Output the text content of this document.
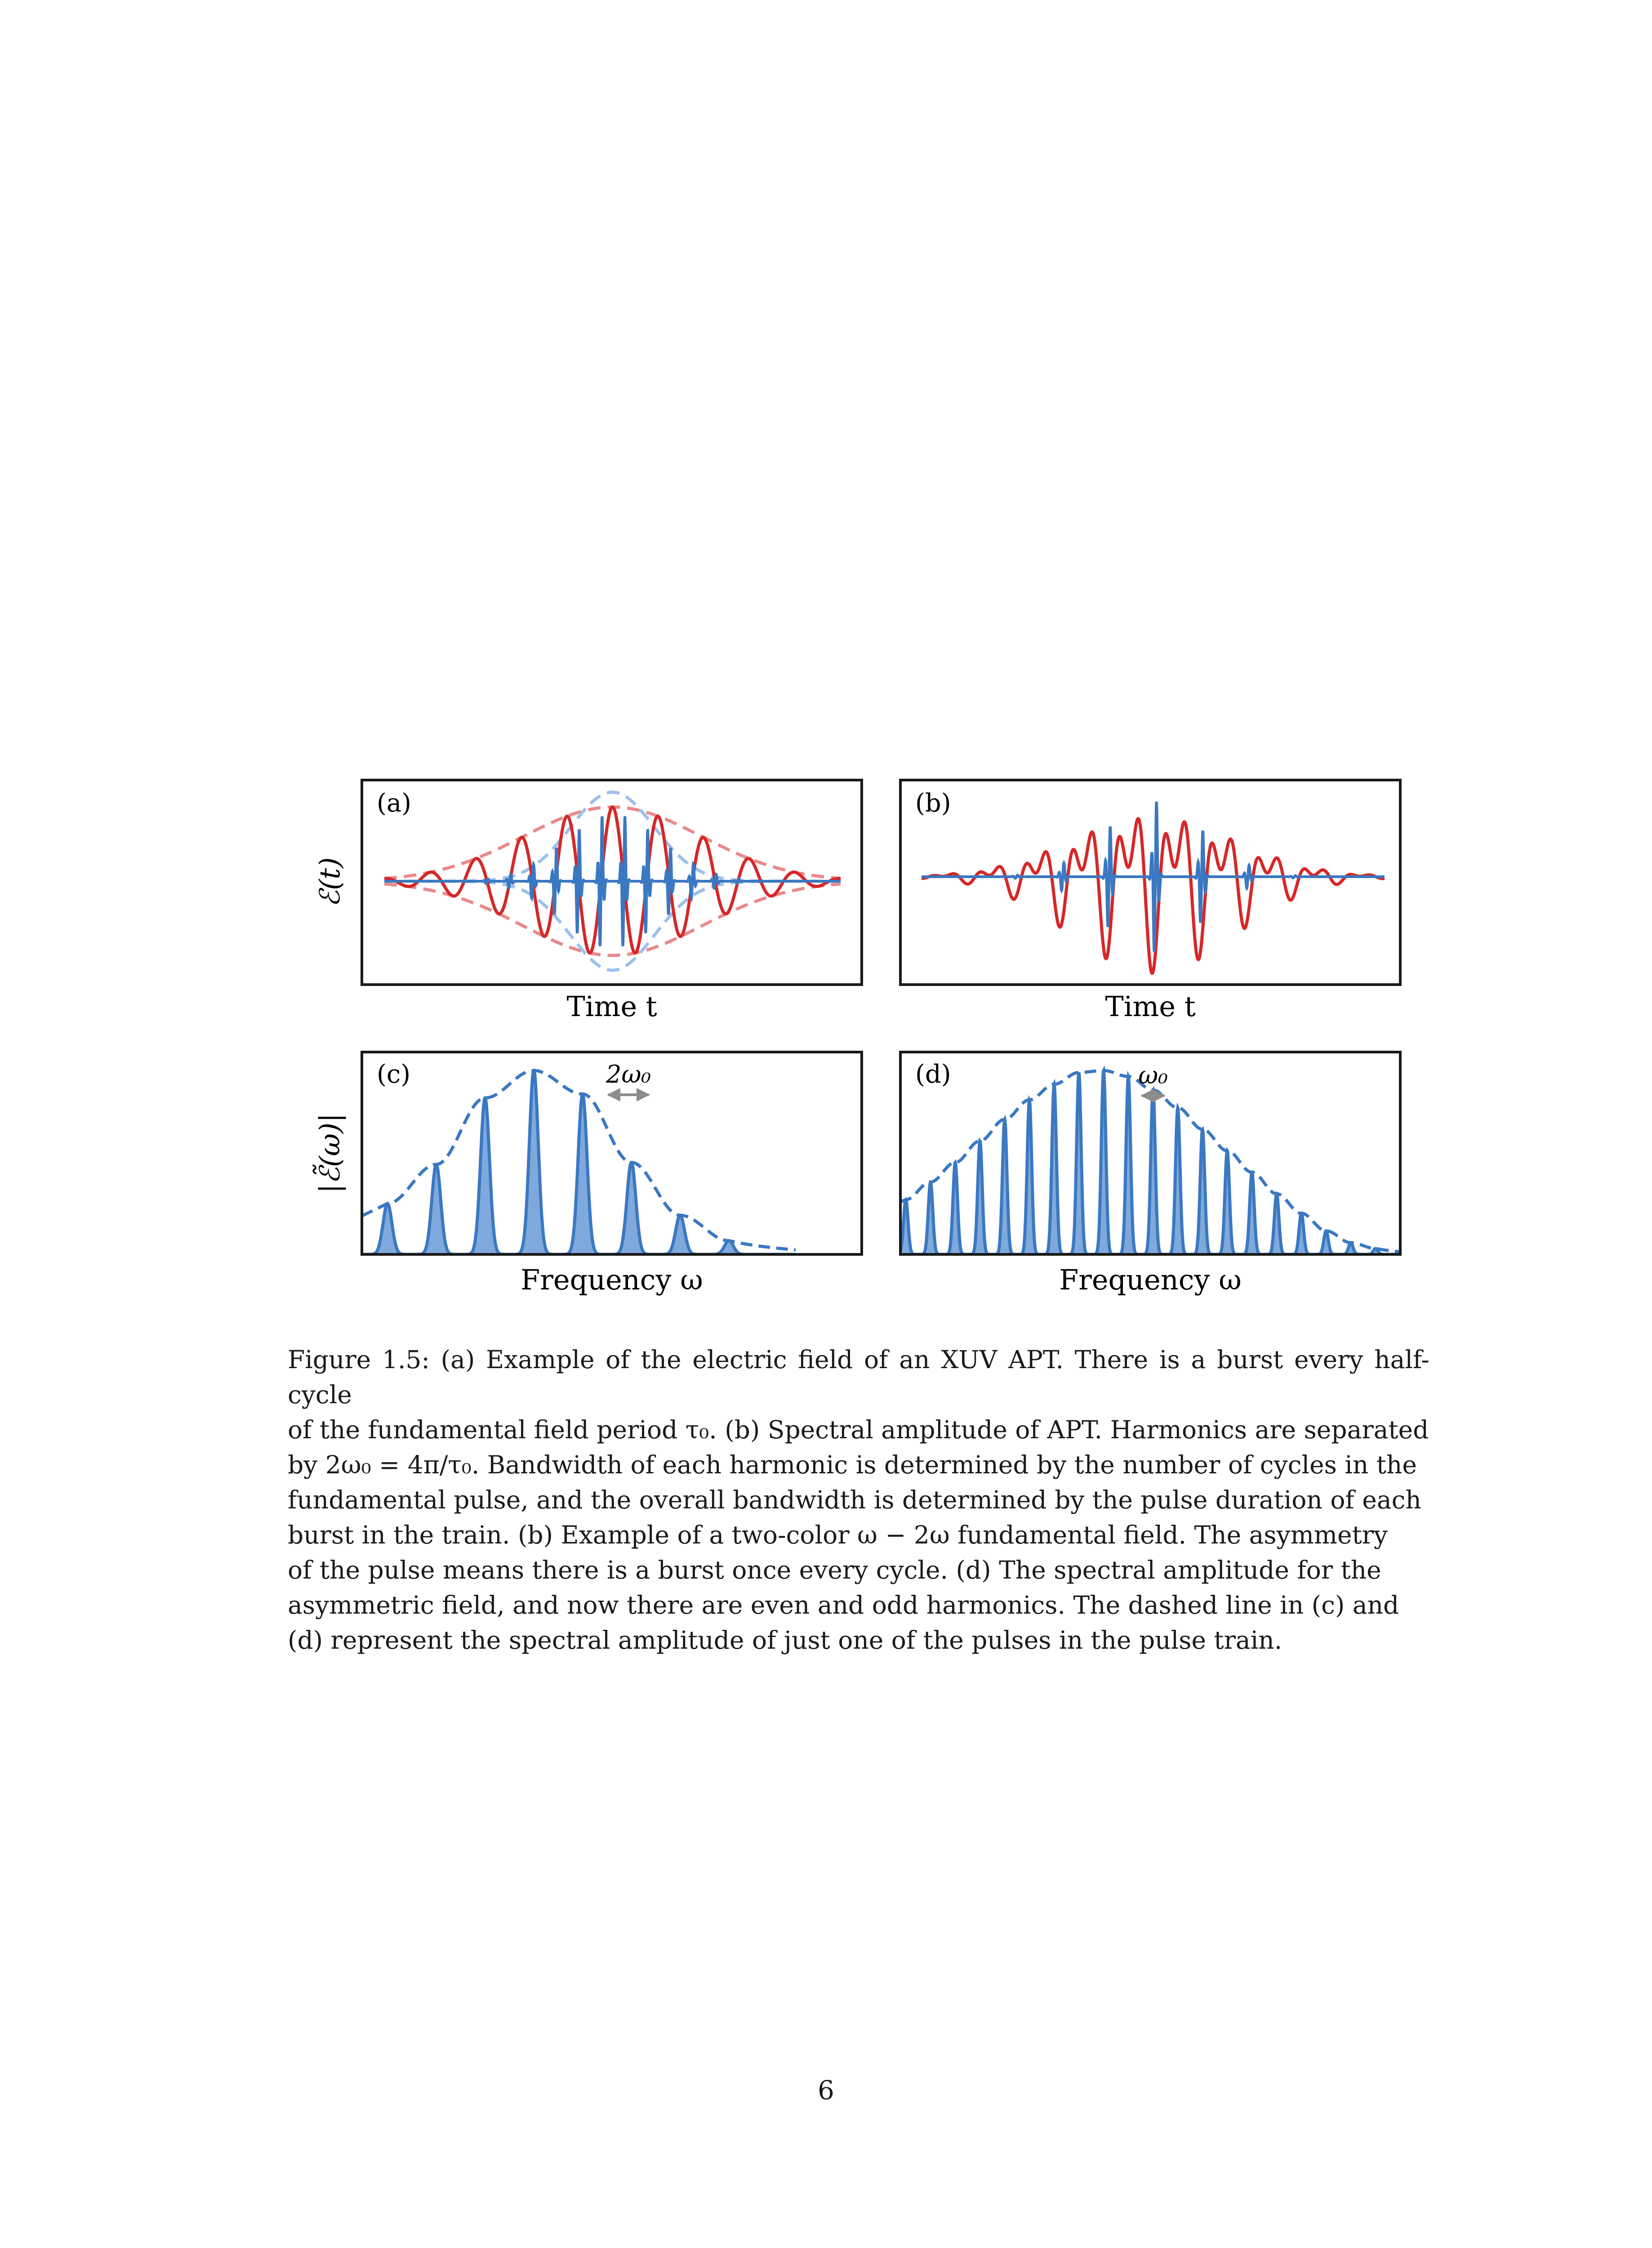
(a)
ℰ(t)
Time t
(b)
Time t
2ω₀
(c)
|ℰ̃(ω)|
Frequency ω
ω₀
(d)
Frequency ω
Figure 1.5: (a) Example of the electric field of an XUV APT. There is a burst every half-cycle
of the fundamental field period τ₀. (b) Spectral amplitude of APT. Harmonics are separated
by 2ω₀ = 4π/τ₀. Bandwidth of each harmonic is determined by the number of cycles in the
fundamental pulse, and the overall bandwidth is determined by the pulse duration of each
burst in the train. (b) Example of a two-color ω − 2ω fundamental field. The asymmetry
of the pulse means there is a burst once every cycle. (d) The spectral amplitude for the
asymmetric field, and now there are even and odd harmonics. The dashed line in (c) and
(d) represent the spectral amplitude of just one of the pulses in the pulse train.
6
